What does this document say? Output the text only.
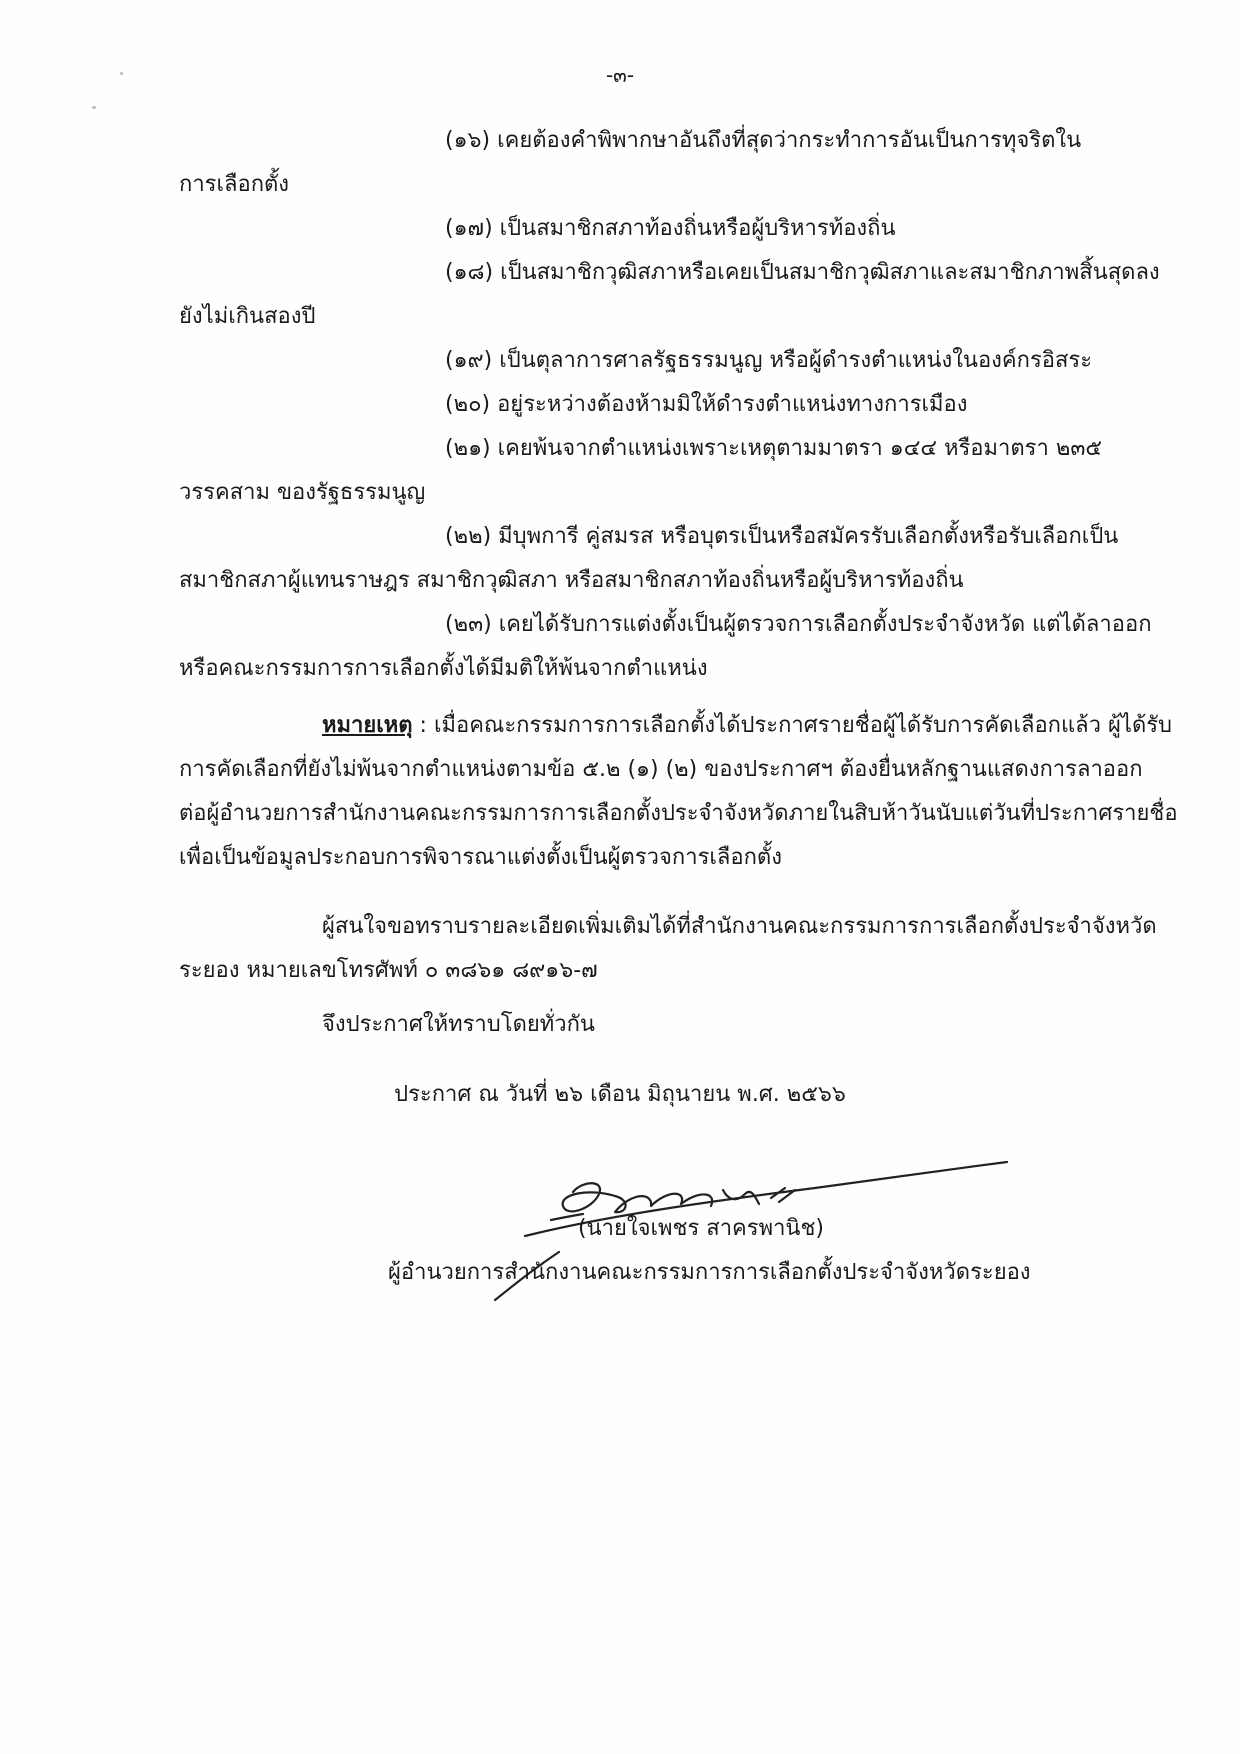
-๓-

(๑๖) เคยต้องคำพิพากษาอันถึงที่สุดว่ากระทำการอันเป็นการทุจริตใน

การเลือกตั้ง

(๑๗) เป็นสมาชิกสภาท้องถิ่นหรือผู้บริหารท้องถิ่น

(๑๘) เป็นสมาชิกวุฒิสภาหรือเคยเป็นสมาชิกวุฒิสภาและสมาชิกภาพสิ้นสุดลง

ยังไม่เกินสองปี

(๑๙) เป็นตุลาการศาลรัฐธรรมนูญ หรือผู้ดำรงตำแหน่งในองค์กรอิสระ

(๒๐) อยู่ระหว่างต้องห้ามมิให้ดำรงตำแหน่งทางการเมือง

(๒๑) เคยพ้นจากตำแหน่งเพราะเหตุตามมาตรา ๑๔๔ หรือมาตรา ๒๓๕

วรรคสาม ของรัฐธรรมนูญ

(๒๒) มีบุพการี คู่สมรส หรือบุตรเป็นหรือสมัครรับเลือกตั้งหรือรับเลือกเป็น

สมาชิกสภาผู้แทนราษฎร สมาชิกวุฒิสภา หรือสมาชิกสภาท้องถิ่นหรือผู้บริหารท้องถิ่น

(๒๓) เคยได้รับการแต่งตั้งเป็นผู้ตรวจการเลือกตั้งประจำจังหวัด แต่ได้ลาออก

หรือคณะกรรมการการเลือกตั้งได้มีมติให้พ้นจากตำแหน่ง

หมายเหตุ : เมื่อคณะกรรมการการเลือกตั้งได้ประกาศรายชื่อผู้ได้รับการคัดเลือกแล้ว ผู้ได้รับ

การคัดเลือกที่ยังไม่พ้นจากตำแหน่งตามข้อ ๕.๒ (๑) (๒) ของประกาศฯ ต้องยื่นหลักฐานแสดงการลาออก

ต่อผู้อำนวยการสำนักงานคณะกรรมการการเลือกตั้งประจำจังหวัดภายในสิบห้าวันนับแต่วันที่ประกาศรายชื่อ

เพื่อเป็นข้อมูลประกอบการพิจารณาแต่งตั้งเป็นผู้ตรวจการเลือกตั้ง

ผู้สนใจขอทราบรายละเอียดเพิ่มเติมได้ที่สำนักงานคณะกรรมการการเลือกตั้งประจำจังหวัด

ระยอง หมายเลขโทรศัพท์ ๐ ๓๘๖๑ ๘๙๑๖-๗

จึงประกาศให้ทราบโดยทั่วกัน

ประกาศ ณ วันที่ ๒๖ เดือน มิถุนายน พ.ศ. ๒๕๖๖

(นายใจเพชร สาครพานิช)

ผู้อำนวยการสำนักงานคณะกรรมการการเลือกตั้งประจำจังหวัดระยอง
